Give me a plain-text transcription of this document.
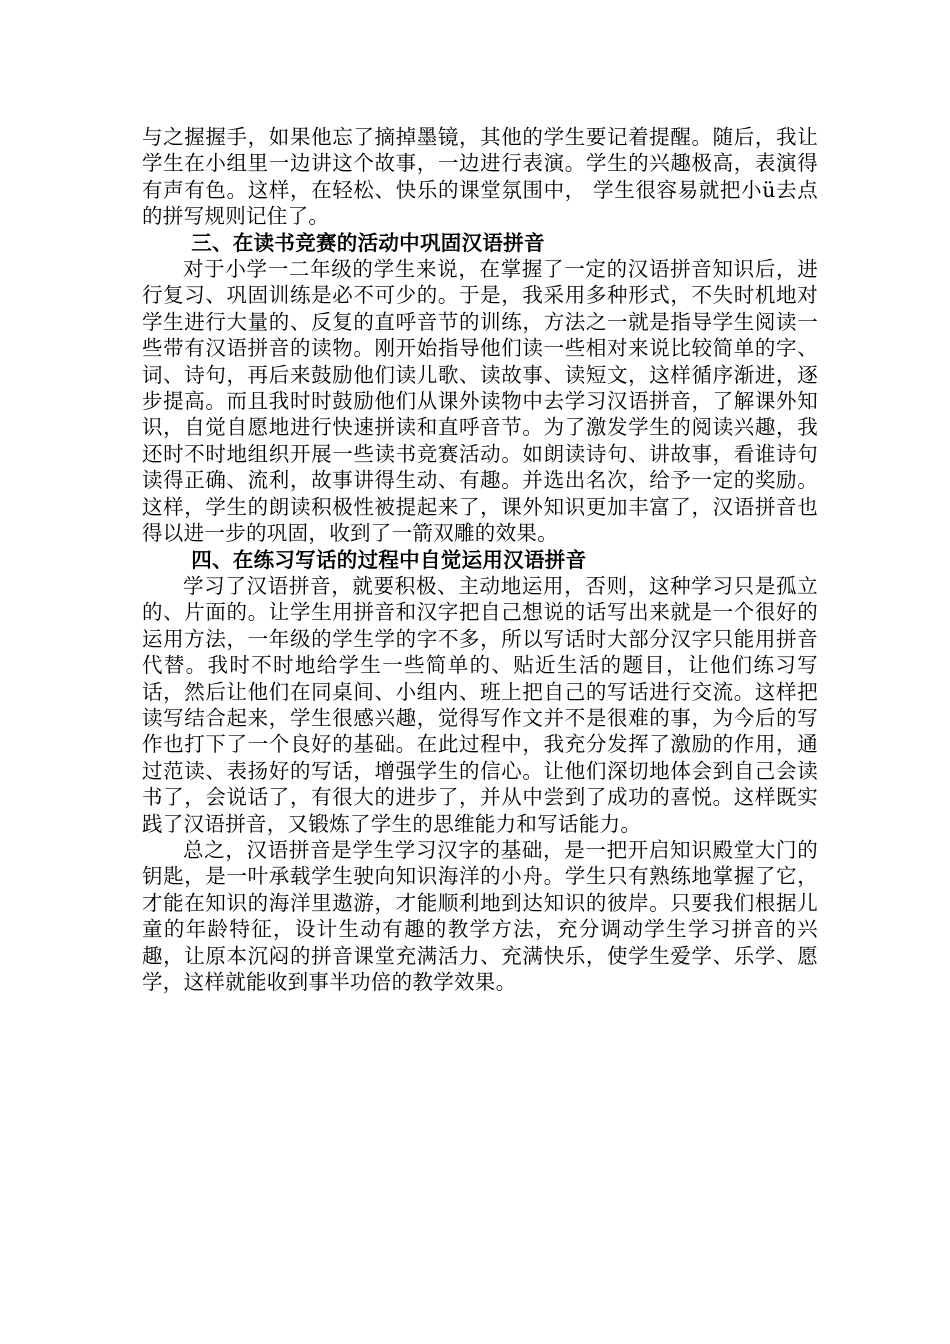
与之握握手，如果他忘了摘掉墨镜，其他的学生要记着提醒。随后，我让学生在小组里一边讲这个故事，一边进行表演。学生的兴趣极高，表演得有声有色。这样，在轻松、快乐的课堂氛围中， 学生很容易就把小ü去点的拼写规则记住了。

三、在读书竞赛的活动中巩固汉语拼音

对于小学一二年级的学生来说，在掌握了一定的汉语拼音知识后，进行复习、巩固训练是必不可少的。于是，我采用多种形式，不失时机地对学生进行大量的、反复的直呼音节的训练，方法之一就是指导学生阅读一些带有汉语拼音的读物。刚开始指导他们读一些相对来说比较简单的字、词、诗句，再后来鼓励他们读儿歌、读故事、读短文，这样循序渐进，逐步提高。而且我时时鼓励他们从课外读物中去学习汉语拼音，了解课外知识，自觉自愿地进行快速拼读和直呼音节。为了激发学生的阅读兴趣，我还时不时地组织开展一些读书竞赛活动。如朗读诗句、讲故事，看谁诗句读得正确、流利，故事讲得生动、有趣。并选出名次，给予一定的奖励。这样，学生的朗读积极性被提起来了，课外知识更加丰富了，汉语拼音也得以进一步的巩固，收到了一箭双雕的效果。

四、在练习写话的过程中自觉运用汉语拼音

学习了汉语拼音，就要积极、主动地运用，否则，这种学习只是孤立的、片面的。让学生用拼音和汉字把自己想说的话写出来就是一个很好的运用方法，一年级的学生学的字不多，所以写话时大部分汉字只能用拼音代替。我时不时地给学生一些简单的、贴近生活的题目，让他们练习写话，然后让他们在同桌间、小组内、班上把自己的写话进行交流。这样把读写结合起来，学生很感兴趣，觉得写作文并不是很难的事，为今后的写作也打下了一个良好的基础。在此过程中，我充分发挥了激励的作用，通过范读、表扬好的写话，增强学生的信心。让他们深切地体会到自己会读书了，会说话了，有很大的进步了，并从中尝到了成功的喜悦。这样既实践了汉语拼音，又锻炼了学生的思维能力和写话能力。

总之，汉语拼音是学生学习汉字的基础，是一把开启知识殿堂大门的钥匙，是一叶承载学生驶向知识海洋的小舟。学生只有熟练地掌握了它，才能在知识的海洋里遨游，才能顺利地到达知识的彼岸。只要我们根据儿童的年龄特征，设计生动有趣的教学方法，充分调动学生学习拼音的兴趣，让原本沉闷的拼音课堂充满活力、充满快乐，使学生爱学、乐学、愿学，这样就能收到事半功倍的教学效果。
